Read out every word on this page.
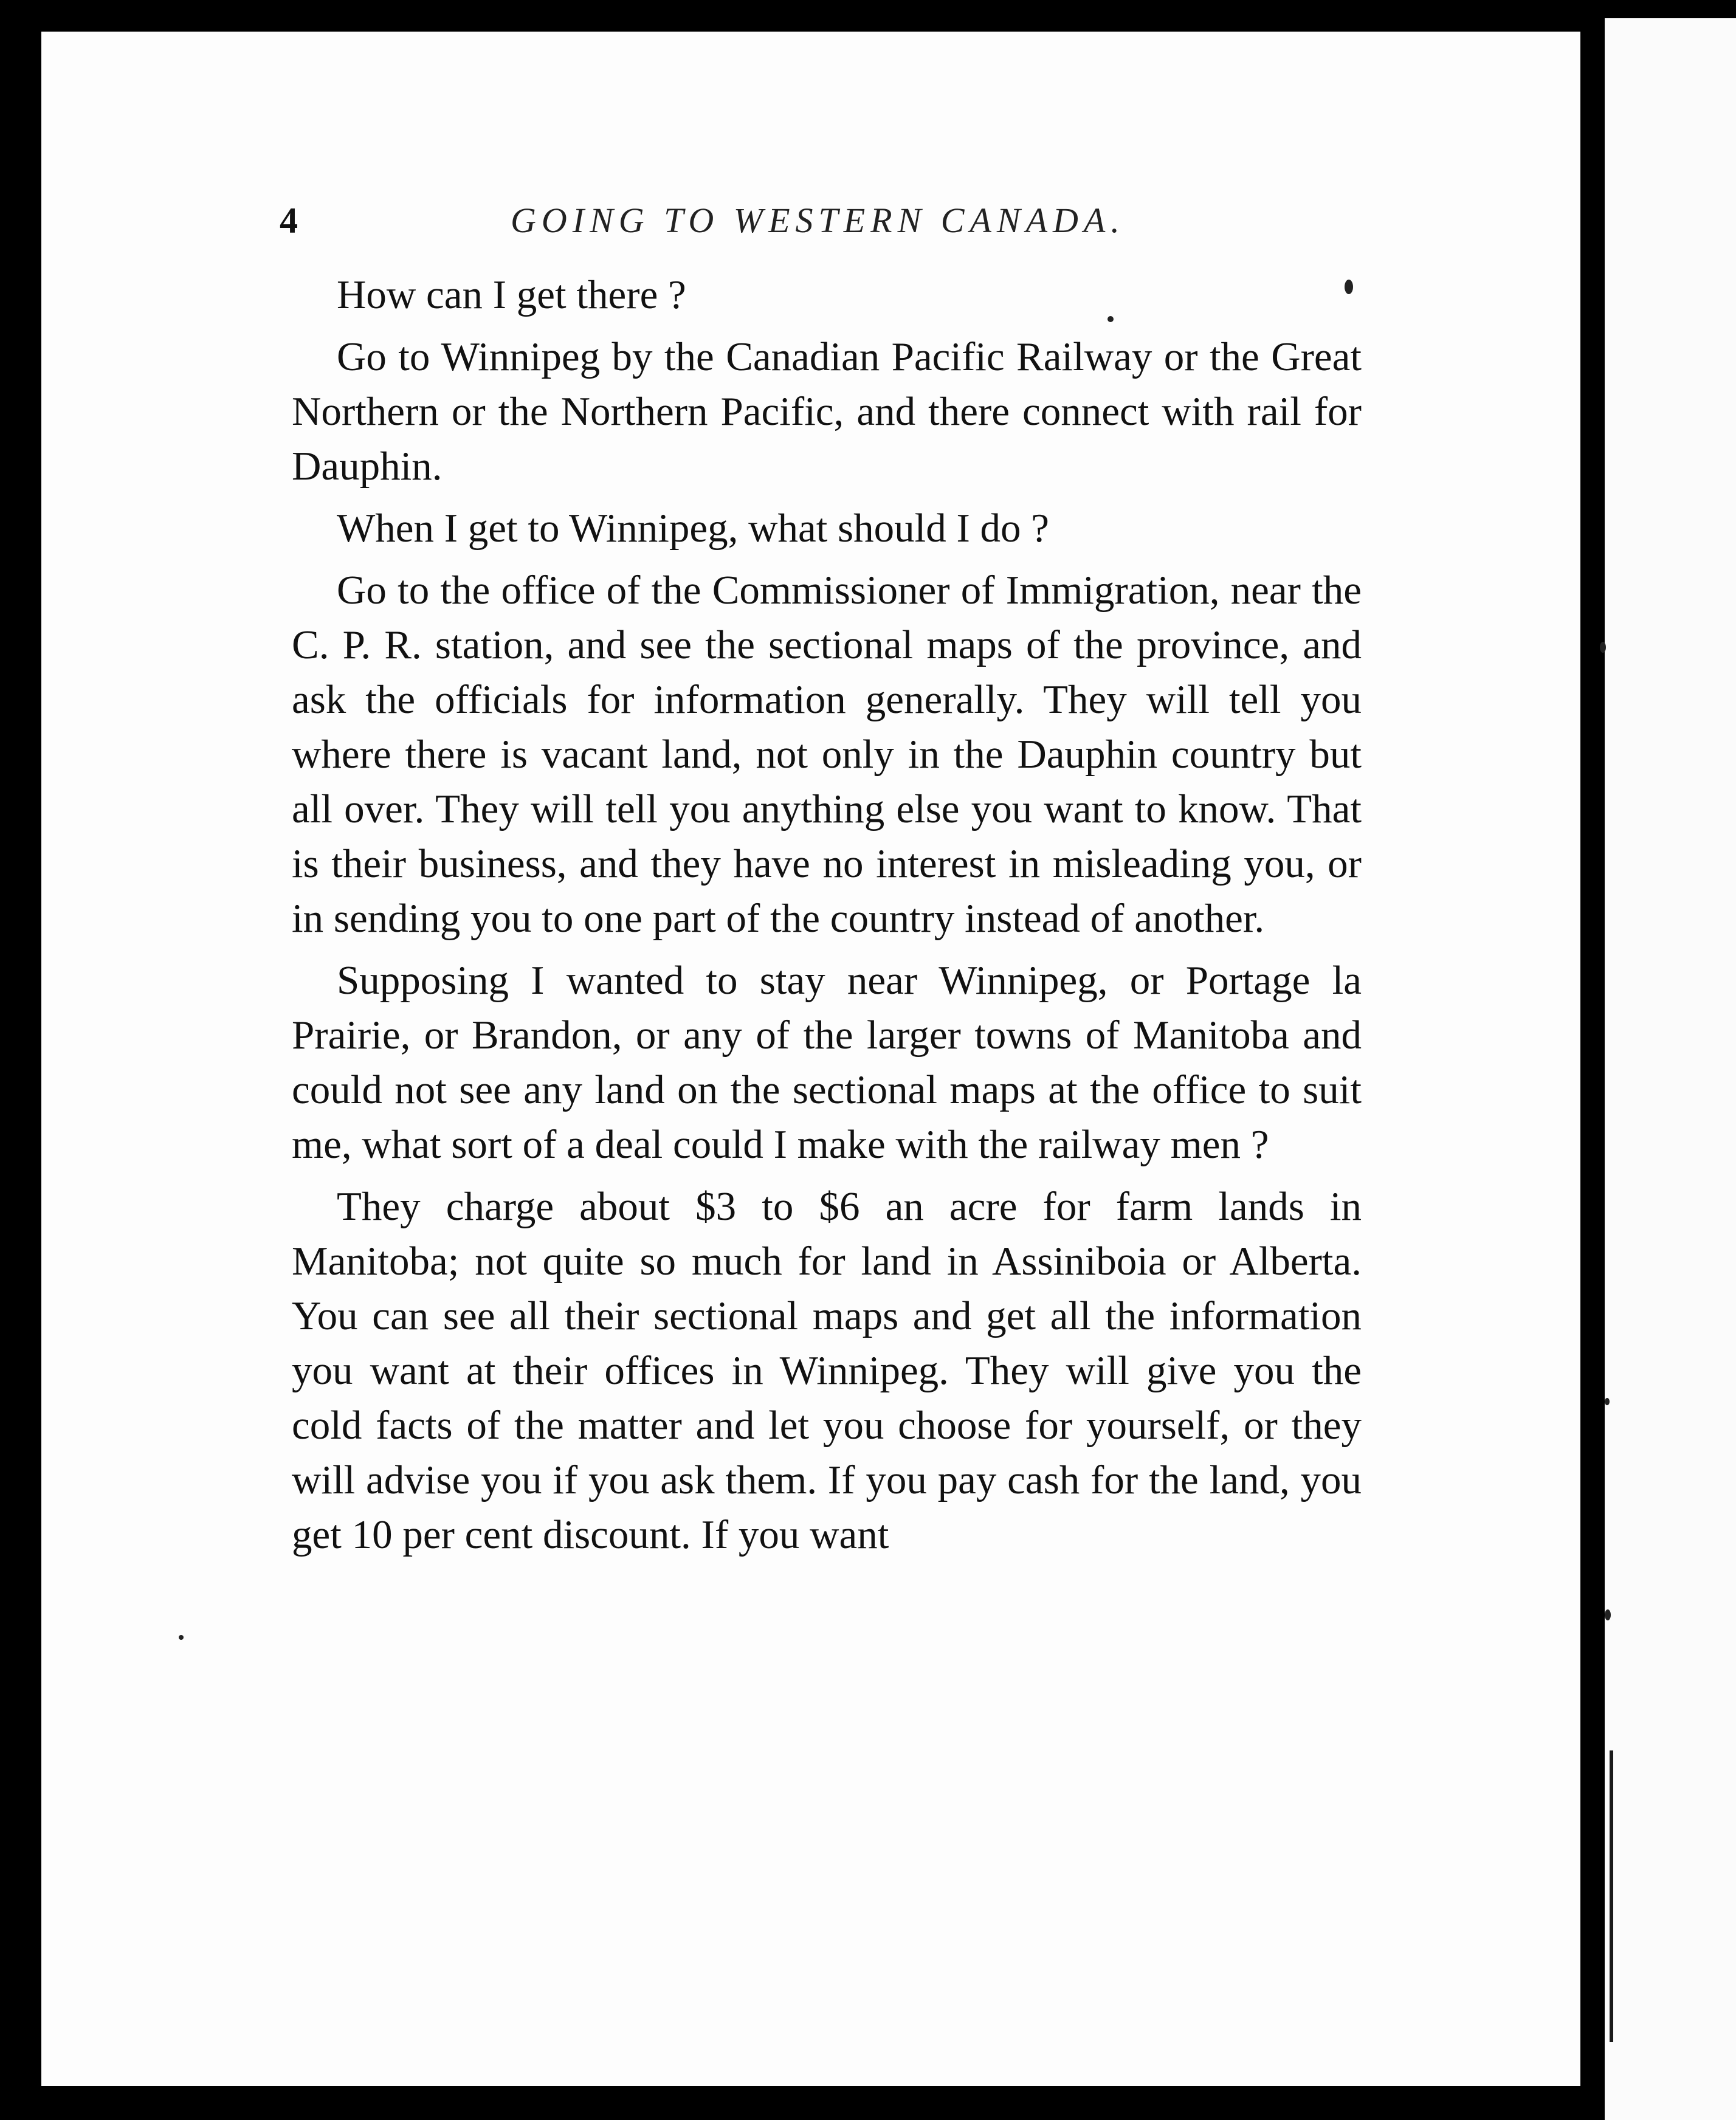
4	GOING TO WESTERN CANADA.

How can I get there ?

Go to Winnipeg by the Canadian Pacific Railway or the Great Northern or the Northern Pacific, and there connect with rail for Dauphin.

When I get to Winnipeg, what should I do ?

Go to the office of the Commissioner of Immigration, near the C. P. R. station, and see the sectional maps of the province, and ask the officials for information generally. They will tell you where there is vacant land, not only in the Dauphin country but all over. They will tell you anything else you want to know. That is their business, and they have no interest in misleading you, or in sending you to one part of the country instead of another.

Supposing I wanted to stay near Winnipeg, or Portage la Prairie, or Brandon, or any of the larger towns of Manitoba and could not see any land on the sectional maps at the office to suit me, what sort of a deal could I make with the railway men ?

They charge about $3 to $6 an acre for farm lands in Manitoba; not quite so much for land in Assiniboia or Alberta. You can see all their sectional maps and get all the information you want at their offices in Winnipeg. They will give you the cold facts of the matter and let you choose for yourself, or they will advise you if you ask them. If you pay cash for the land, you get 10 per cent discount. If you want
